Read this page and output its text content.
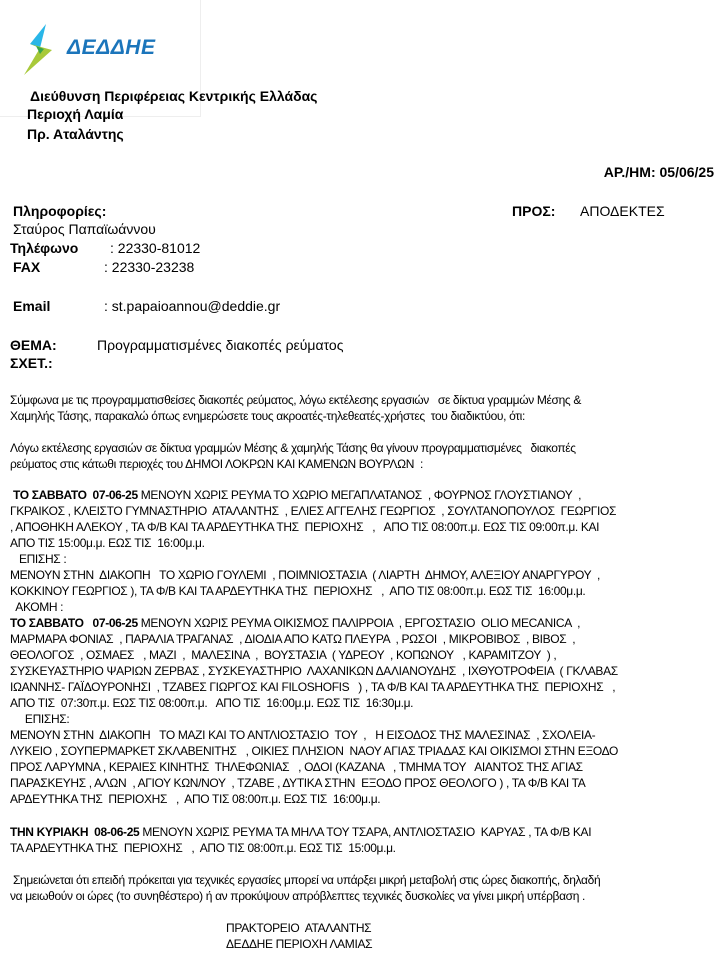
ΔΕΔΔΗΕ
Διεύθυνση Περιφέρειας Κεντρικής Ελλάδας
Περιοχή Λαμία
Πρ. Αταλάντης
ΑΡ./ΗΜ: 05/06/25
Πληροφορίες:
Σταύρος Παπαϊωάννου
Τηλέφωνο : 22330-81012
FAX	: 22330-23238
Email	: st.papaioannou@deddie.gr
ΠΡΟΣ: ΑΠΟΔΕΚΤΕΣ
ΘΕΜΑ:	Προγραμματισμένες διακοπές ρεύματος
ΣΧΕΤ.:
Σύμφωνα με τις προγραμματισθείσες διακοπές ρεύματος, λόγω εκτέλεσης εργασιών   σε δίκτυα γραμμών Μέσης &
Χαμηλής Τάσης, παρακαλώ όπως ενημερώσετε τους ακροατές-τηλεθεατές-χρήστες  του διαδικτύου, ότι:
Λόγω εκτέλεσης εργασιών σε δίκτυα γραμμών Μέσης & χαμηλής Τάσης θα γίνουν προγραμματισμένες   διακοπές
ρεύματος στις κάτωθι περιοχές του ΔΗΜΟΙ ΛΟΚΡΩΝ ΚΑΙ ΚΑΜΕΝΩΝ ΒΟΥΡΛΩΝ  :
ΤΟ ΣΑΒΒΑΤΟ  07-06-25 ΜΕΝΟΥΝ ΧΩΡΙΣ ΡΕΥΜΑ ΤΟ ΧΩΡΙΟ ΜΕΓΑΠΛΑΤΑΝΟΣ  , ΦΟΥΡΝΟΣ ΓΛΟΥΣΤΙΑΝΟΥ  ,
ΓΚΡΑΙΚΟΣ , ΚΛΕΙΣΤΟ ΓΥΜΝΑΣΤΗΡΙΟ  ΑΤΑΛΑΝΤΗΣ  , ΕΛΙΕΣ ΑΓΓΕΛΗΣ ΓΕΩΡΓΙΟΣ  , ΣΟΥΛΤΑΝΟΠΟΥΛΟΣ  ΓΕΩΡΓΙΟΣ
, ΑΠΟΘΗΚΗ ΑΛΕΚΟΥ , ΤΑ Φ/Β ΚΑΙ ΤΑ ΑΡΔΕΥΤΗΚΑ ΤΗΣ  ΠΕΡΙΟΧΗΣ   ,   ΑΠΟ ΤΙΣ 08:00π.μ. ΕΩΣ ΤΙΣ 09:00π.μ. ΚΑΙ
ΑΠΟ ΤΙΣ 15:00μ.μ. ΕΩΣ ΤΙΣ  16:00μ.μ.
ΕΠΙΣΗΣ :
ΜΕΝΟΥΝ ΣΤΗΝ  ΔΙΑΚΟΠΗ   ΤΟ ΧΩΡΙΟ ΓΟΥΛΕΜΙ  , ΠΟΙΜΝΙΟΣΤΑΣΙΑ  ( ΛΙΑΡΤΗ  ΔΗΜΟΥ, ΑΛΕΞΙΟΥ ΑΝΑΡΓΥΡΟΥ  ,
ΚΟΚΚΙΝΟΥ ΓΕΩΡΓΙΟΣ ), ΤΑ Φ/Β ΚΑΙ ΤΑ ΑΡΔΕΥΤΗΚΑ ΤΗΣ  ΠΕΡΙΟΧΗΣ   ,  ΑΠΟ ΤΙΣ 08:00π.μ. ΕΩΣ ΤΙΣ  16:00μ.μ.
ΑΚΟΜΗ :
ΤΟ ΣΑΒΒΑΤΟ   07-06-25 ΜΕΝΟΥΝ ΧΩΡΙΣ ΡΕΥΜΑ ΟΙΚΙΣΜΟΣ ΠΑΛΙΡΡΟΙΑ  , ΕΡΓΟΣΤΑΣΙΟ  OLIO MECANICA  ,
ΜΑΡΜΑΡΑ ΦΟΝΙΑΣ  , ΠΑΡΑΛΙΑ ΤΡΑΓΑΝΑΣ  , ΔΙΟΔΙΑ ΑΠΟ ΚΑΤΩ ΠΛΕΥΡΑ  , ΡΩΣΟΙ  , ΜΙΚΡΟΒΙΒΟΣ  , ΒΙΒΟΣ  ,
ΘΕΟΛΟΓΟΣ  , ΟΣΜΑΕΣ   , ΜΑΖΙ  ,  ΜΑΛΕΣΙΝΑ  ,  ΒΟΥΣΤΑΣΙΑ  ( ΥΔΡΕΟΥ  , ΚΟΠΩΝΟΥ   , ΚΑΡΑΜΙΤΖΟΥ  ) ,
ΣΥΣΚΕΥΑΣΤΗΡΙΟ ΨΑΡΙΩΝ ΖΕΡΒΑΣ , ΣΥΣΚΕΥΑΣΤΗΡΙΟ  ΛΑΧΑΝΙΚΩΝ ΔΑΛΙΑΝΟΥΔΗΣ  , ΙΧΘΥΟΤΡΟΦΕΙΑ  ( ΓΚΛΑΒΑΣ
ΙΩΑΝΝΗΣ- ΓΑΪΔΟΥΡΟΝΗΣΙ  , ΤΖΑΒΕΣ ΓΙΩΡΓΟΣ ΚΑΙ FILOSHOFIS   ) , ΤΑ Φ/Β ΚΑΙ ΤΑ ΑΡΔΕΥΤΗΚΑ ΤΗΣ  ΠΕΡΙΟΧΗΣ   ,
ΑΠΟ ΤΙΣ  07:30π.μ. ΕΩΣ ΤΙΣ 08:00π.μ.   ΑΠΟ ΤΙΣ  16:00μ.μ. ΕΩΣ ΤΙΣ  16:30μ.μ.
ΕΠΙΣΗΣ:
ΜΕΝΟΥΝ ΣΤΗΝ  ΔΙΑΚΟΠΗ   ΤΟ ΜΑΖΙ ΚΑΙ ΤΟ ΑΝΤΛΙΟΣΤΑΣΙΟ  ΤΟΥ  ,   Η ΕΙΣΟΔΟΣ ΤΗΣ ΜΑΛΕΣΙΝΑΣ  , ΣΧΟΛΕΙΑ-
ΛΥΚΕΙΟ , ΣΟΥΠΕΡΜΑΡΚΕΤ ΣΚΛΑΒΕΝΙΤΗΣ   , ΟΙΚΙΕΣ ΠΛΗΣΙΟΝ  ΝΑΟΥ ΑΓΙΑΣ ΤΡΙΑΔΑΣ ΚΑΙ ΟΙΚΙΣΜΟΙ ΣΤΗΝ ΕΞΟΔΟ
ΠΡΟΣ ΛΑΡΥΜΝΑ , ΚΕΡΑΙΕΣ ΚΙΝΗΤΗΣ  ΤΗΛΕΦΩΝΙΑΣ   , ΟΔΟΙ (ΚΑΖΑΝΑ   , ΤΜΗΜΑ ΤΟΥ   ΑΙΑΝΤΟΣ ΤΗΣ ΑΓΙΑΣ
ΠΑΡΑΣΚΕΥΗΣ , ΑΛΩΝ  , ΑΓΙΟΥ ΚΩΝ/ΝΟΥ  , ΤΖΑΒΕ , ΔΥΤΙΚΑ ΣΤΗΝ  ΕΞΟΔΟ ΠΡΟΣ ΘΕΟΛΟΓΟ ) , ΤΑ Φ/Β ΚΑΙ ΤΑ
ΑΡΔΕΥΤΗΚΑ ΤΗΣ  ΠΕΡΙΟΧΗΣ   ,  ΑΠΟ ΤΙΣ 08:00π.μ. ΕΩΣ ΤΙΣ  16:00μ.μ.
ΤΗΝ ΚΥΡΙΑΚΗ  08-06-25 ΜΕΝΟΥΝ ΧΩΡΙΣ ΡΕΥΜΑ ΤΑ ΜΗΛΑ ΤΟΥ ΤΣΑΡΑ, ΑΝΤΛΙΟΣΤΑΣΙΟ  ΚΑΡΥΑΣ , ΤΑ Φ/Β ΚΑΙ
ΤΑ ΑΡΔΕΥΤΗΚΑ ΤΗΣ  ΠΕΡΙΟΧΗΣ   ,  ΑΠΟ ΤΙΣ 08:00π.μ. ΕΩΣ ΤΙΣ  15:00μ.μ.
Σημειώνεται ότι επειδή πρόκειται για τεχνικές εργασίες μπορεί να υπάρξει μικρή μεταβολή στις ώρες διακοπής, δηλαδή
να μειωθούν οι ώρες (το συνηθέστερο) ή αν προκύψουν απρόβλεπτες τεχνικές δυσκολίες να γίνει μικρή υπέρβαση .
ΠΡΑΚΤΟΡΕΙΟ  ΑΤΑΛΑΝΤΗΣ
ΔΕΔΔΗΕ ΠΕΡΙΟΧΗ ΛΑΜΙΑΣ
